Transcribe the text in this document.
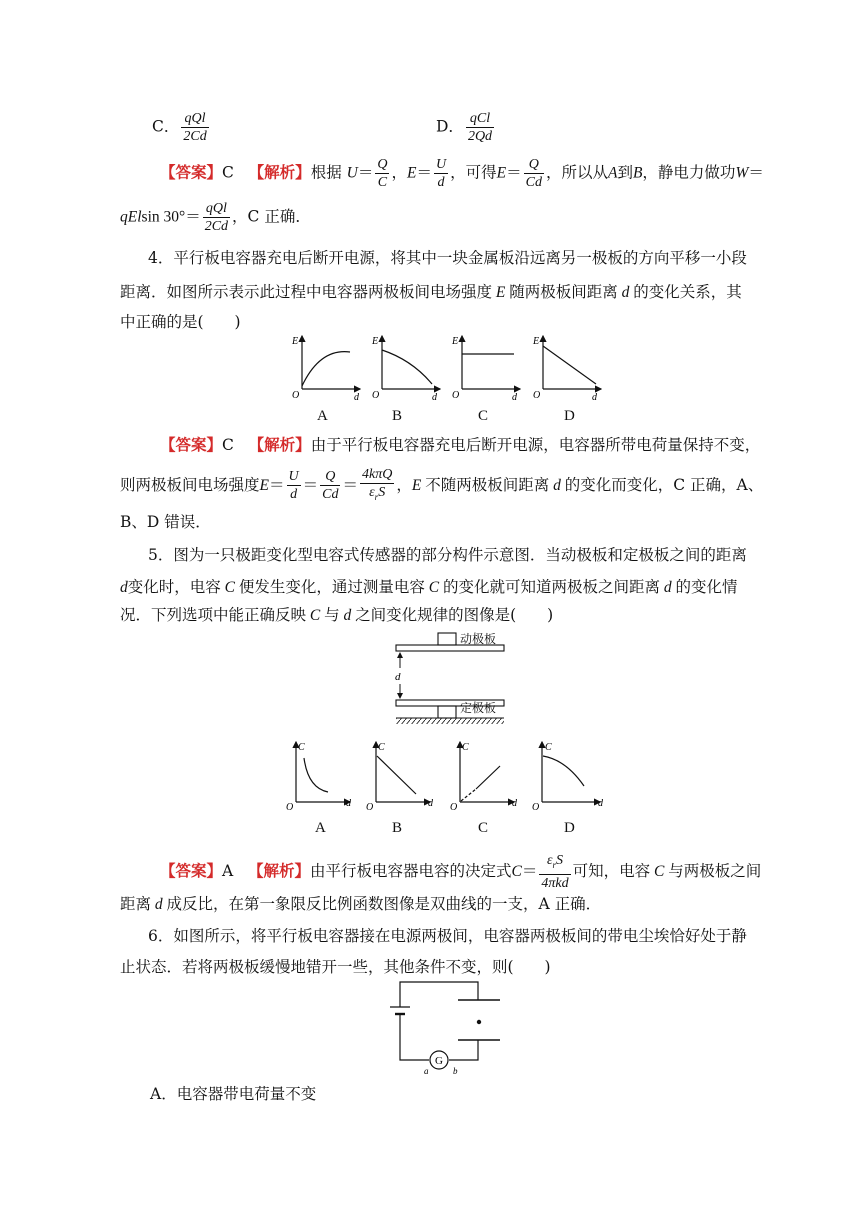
C． $\frac{\text{qQl}}{2Cd}$	D． $\frac{\text{qCl}}{2Qd}$
【答案】C 【解析】根据 $U= \frac{Q}{C}$ ，$E= \frac{U}{d}$ ，可得$E= \frac{Q}{Cd}$ ，所以从A到B，静电力做功W＝
qElsin $30^\circ= \frac{\text{qQl}}{2Cd}$ ，C 正确．
4．平行板电容器充电后断开电源，将其中一块金属板沿远离另一极板的方向平移一小段
距离．如图所示表示此过程中电容器两极板间电场强度 E 随两极板间距离 d 的变化关系，其
中正确的是(　　)
E
O	d
E
O	d
E
O	d
E
O	d
A	B	C	D
【答案】C 【解析】由于平行板电容器充电后断开电源，电容器所带电荷量保持不变，
则两极板间电场强度$E= \frac{U}{d} = \frac{Q}{Cd} = \frac{\text{4kπQ}}{\varepsilon_rS}$ ，E 不随两极板间距离 d 的变化而变化，C 正确，A、
B、D 错误．
5．图为一只极距变化型电容式传感器的部分构件示意图．当动极板和定极板之间的距离
d变化时，电容 C 便发生变化，通过测量电容 C 的变化就可知道两极板之间距离 d 的变化情
况．下列选项中能正确反映 C 与 d 之间变化规律的图像是(　　)
d
动极板
定极板
C
O	d
C
O	d
C
O	d
C
O	d
A	B	C	D
【答案】A 【解析】由平行板电容器电容的决定式$C= \frac{\varepsilon_rS}{\text{4πkd}}$ 可知，电容 C 与两极板之间
距离 d 成反比，在第一象限反比例函数图像是双曲线的一支，A 正确．
6．如图所示，将平行板电容器接在电源两极间，电容器两极板间的带电尘埃恰好处于静
止状态．若将两极板缓慢地错开一些，其他条件不变，则(　　)
G
a	b
A．电容器带电荷量不变
